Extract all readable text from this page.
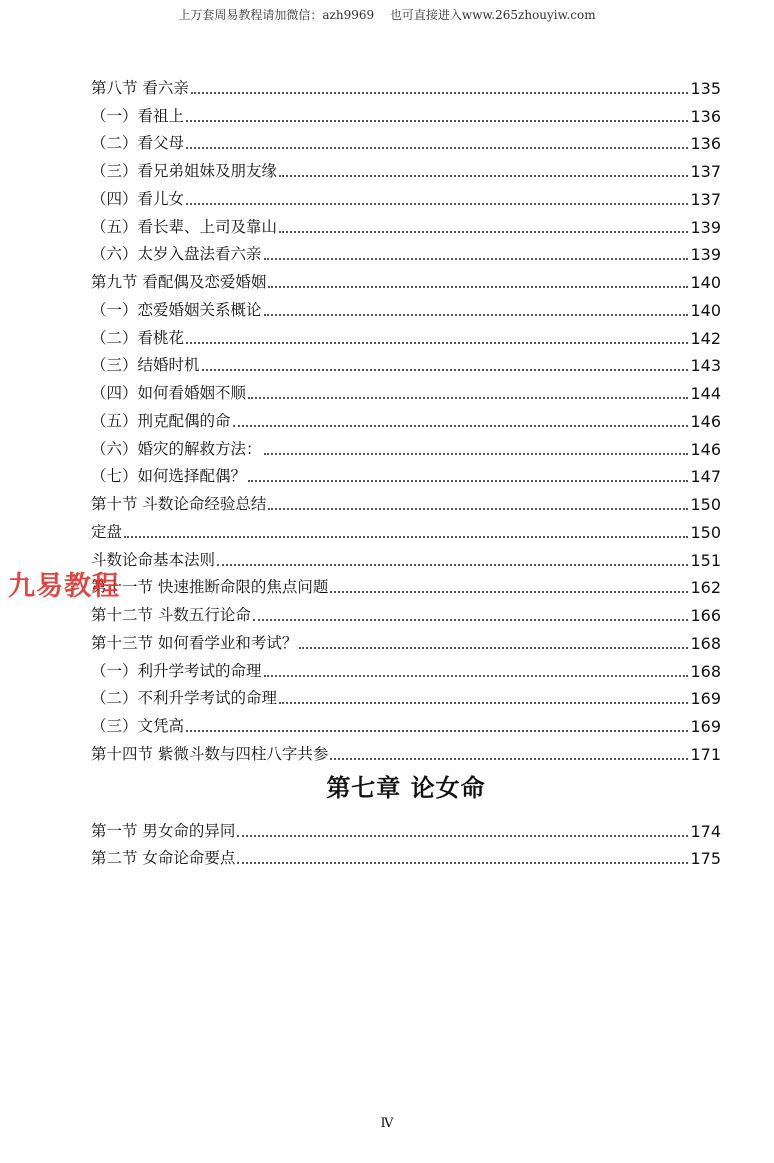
上万套周易教程请加微信：azh9969　 也可直接进入www.265zhouyiw.com
第八节 看六亲	135
（一）看祖上	136
（二）看父母	136
（三）看兄弟姐妹及朋友缘	137
（四）看儿女	137
（五）看长辈、上司及靠山	139
（六）太岁入盘法看六亲	139
第九节 看配偶及恋爱婚姻	140
（一）恋爱婚姻关系概论	140
（二）看桃花	142
（三）结婚时机	143
（四）如何看婚姻不顺	144
（五）刑克配偶的命	146
（六）婚灾的解救方法：	146
（七）如何选择配偶？	147
第十节 斗数论命经验总结	150
定盘	150
斗数论命基本法则	151
第十一节 快速推断命限的焦点问题	162
第十二节 斗数五行论命	166
第十三节 如何看学业和考试？	168
（一）利升学考试的命理	168
（二）不利升学考试的命理	169
（三）文凭高	169
第十四节 紫微斗数与四柱八字共参	171
第七章 论女命
第一节 男女命的异同	174
第二节 女命论命要点	175
九易教程
Ⅳ
